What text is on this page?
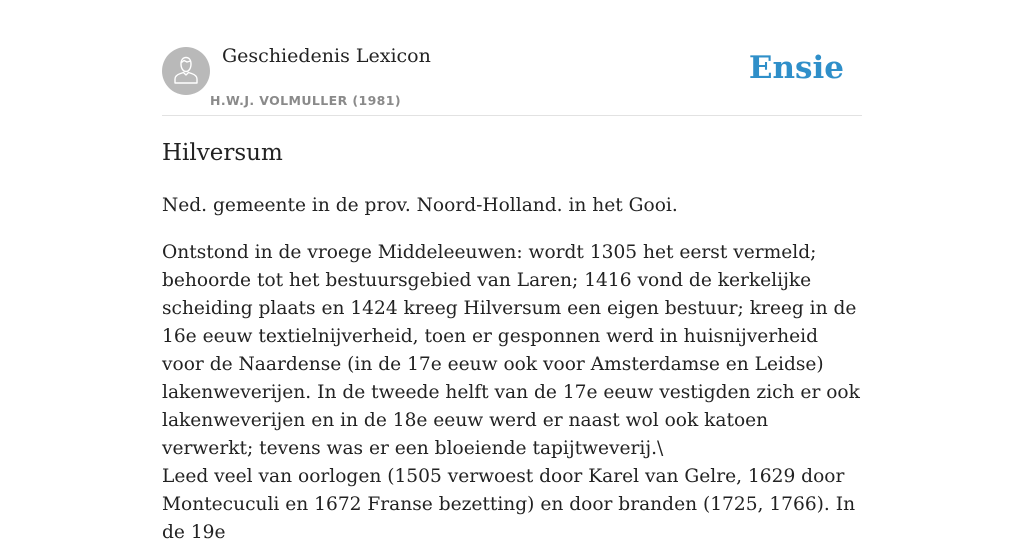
Geschiedenis Lexicon
H.W.J. VOLMULLER (1981)
Ensie
Hilversum

Ned. gemeente in de prov. Noord-Holland. in het Gooi.

Ontstond in de vroege Middeleeuwen: wordt 1305 het eerst vermeld; behoorde tot het bestuursgebied van Laren; 1416 vond de kerkelijke scheiding plaats en 1424 kreeg Hilversum een eigen bestuur; kreeg in de 16e eeuw textielnijverheid, toen er gesponnen werd in huisnijverheid voor de Naardense (in de 17e eeuw ook voor Amsterdamse en Leidse) lakenweverijen. In de tweede helft van de 17e eeuw vestigden zich er ook lakenweverijen en in de 18e eeuw werd er naast wol ook katoen verwerkt; tevens was er een bloeiende tapijtweverij.\

Leed veel van oorlogen (1505 verwoest door Karel van Gelre, 1629 door Montecuculi en 1672 Franse bezetting) en door branden (1725, 1766). In de 19e
